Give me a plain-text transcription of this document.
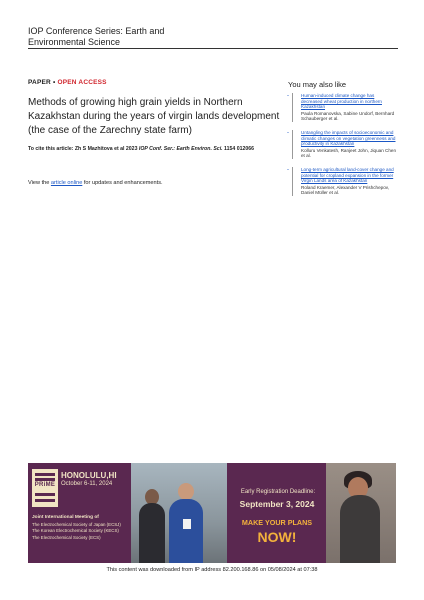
IOP Conference Series: Earth and
Environmental Science
PAPER • OPEN ACCESS
Methods of growing high grain yields in Northern Kazakhstan during the years of virgin lands development (the case of the Zarechny state farm)
To cite this article: Zh S Mazhitova et al 2023 IOP Conf. Ser.: Earth Environ. Sci. 1154 012066
View the article online for updates and enhancements.
You may also like
-	Human-induced climate change has decreased wheat production in northern Kazakhstan
Paula Romanovska, Sabine Undorf, Bernhard Schauberger et al.
-	Untangling the impacts of socioeconomic and climatic changes on vegetation greenness and productivity in Kazakhstan
Kolluru Venkatesh, Ranjeet John, Jiquan Chen et al.
-	Long-term agricultural land-cover change and potential for cropland expansion in the former Virgin Lands area of Kazakhstan
Roland Kraemer, Alexander V Prishchepov, Daniel Müller et al.
PRiME
HONOLULU,HI
October 6-11, 2024
Joint International Meeting of
The Electrochemical Society of Japan (ECSJ)
The Korean Electrochemical Society (KECS)
The Electrochemical Society (ECS)
Early Registration Deadline:
September 3, 2024
MAKE YOUR PLANS
NOW!
This content was downloaded from IP address 82.200.168.86 on 05/08/2024 at 07:38
